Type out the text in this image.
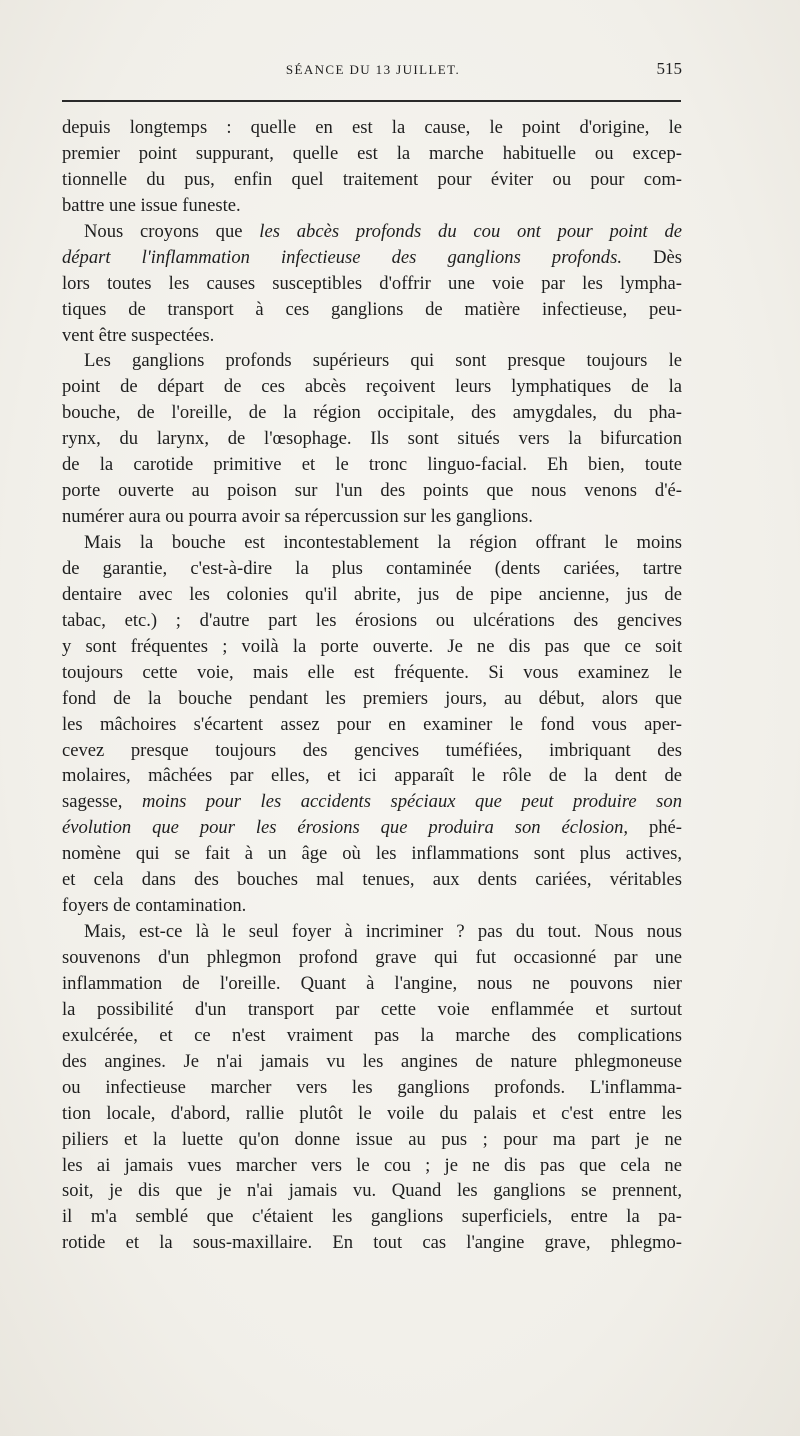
SÉANCE DU 13 JUILLET.	515
depuis longtemps : quelle en est la cause, le point d'origine, le
premier point suppurant, quelle est la marche habituelle ou excep-
tionnelle du pus, enfin quel traitement pour éviter ou pour com-
battre une issue funeste.
Nous croyons que les abcès profonds du cou ont pour point de
départ l'inflammation infectieuse des ganglions profonds. Dès
lors toutes les causes susceptibles d'offrir une voie par les lympha-
tiques de transport à ces ganglions de matière infectieuse, peu-
vent être suspectées.
Les ganglions profonds supérieurs qui sont presque toujours le
point de départ de ces abcès reçoivent leurs lymphatiques de la
bouche, de l'oreille, de la région occipitale, des amygdales, du pha-
rynx, du larynx, de l'œsophage. Ils sont situés vers la bifurcation
de la carotide primitive et le tronc linguo-facial. Eh bien, toute
porte ouverte au poison sur l'un des points que nous venons d'é-
numérer aura ou pourra avoir sa répercussion sur les ganglions.
Mais la bouche est incontestablement la région offrant le moins
de garantie, c'est-à-dire la plus contaminée (dents cariées, tartre
dentaire avec les colonies qu'il abrite, jus de pipe ancienne, jus de
tabac, etc.) ; d'autre part les érosions ou ulcérations des gencives
y sont fréquentes ; voilà la porte ouverte. Je ne dis pas que ce soit
toujours cette voie, mais elle est fréquente. Si vous examinez le
fond de la bouche pendant les premiers jours, au début, alors que
les mâchoires s'écartent assez pour en examiner le fond vous aper-
cevez presque toujours des gencives tuméfiées, imbriquant des
molaires, mâchées par elles, et ici apparaît le rôle de la dent de
sagesse, moins pour les accidents spéciaux que peut produire son
évolution que pour les érosions que produira son éclosion, phé-
nomène qui se fait à un âge où les inflammations sont plus actives,
et cela dans des bouches mal tenues, aux dents cariées, véritables
foyers de contamination.
Mais, est-ce là le seul foyer à incriminer ? pas du tout. Nous nous
souvenons d'un phlegmon profond grave qui fut occasionné par une
inflammation de l'oreille. Quant à l'angine, nous ne pouvons nier
la possibilité d'un transport par cette voie enflammée et surtout
exulcérée, et ce n'est vraiment pas la marche des complications
des angines. Je n'ai jamais vu les angines de nature phlegmoneuse
ou infectieuse marcher vers les ganglions profonds. L'inflamma-
tion locale, d'abord, rallie plutôt le voile du palais et c'est entre les
piliers et la luette qu'on donne issue au pus ; pour ma part je ne
les ai jamais vues marcher vers le cou ; je ne dis pas que cela ne
soit, je dis que je n'ai jamais vu. Quand les ganglions se prennent,
il m'a semblé que c'étaient les ganglions superficiels, entre la pa-
rotide et la sous-maxillaire. En tout cas l'angine grave, phlegmo-
